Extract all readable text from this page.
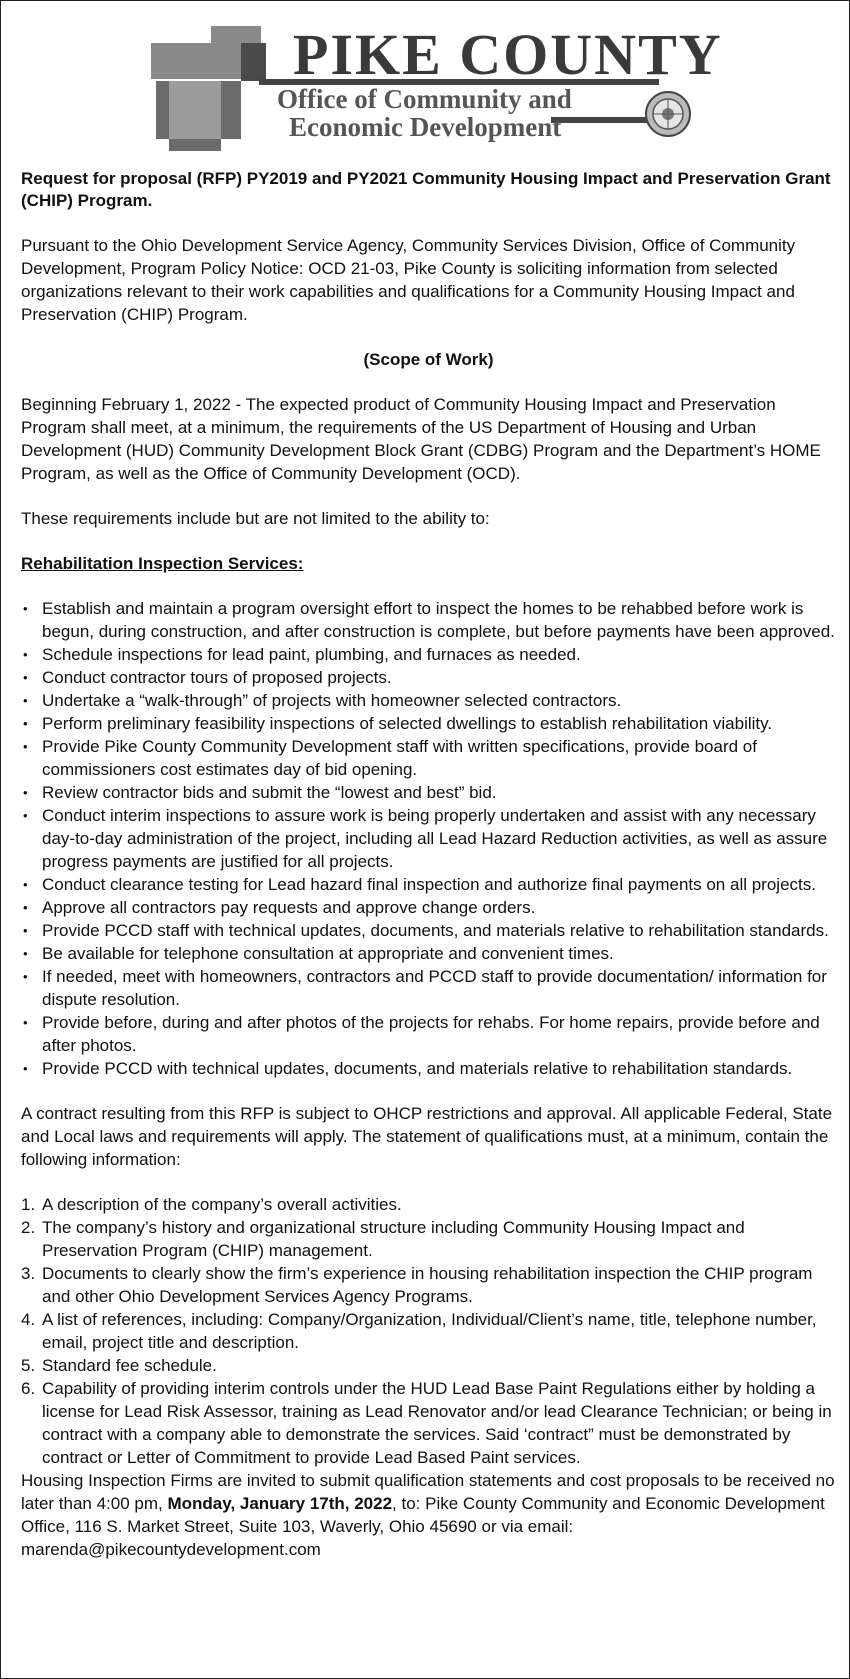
PIKE COUNTY
Office of Community and
Economic Development
Request for proposal (RFP) PY2019 and PY2021 Community Housing Impact and Preservation Grant (CHIP) Program.

Pursuant to the Ohio Development Service Agency, Community Services Division, Office of Community Development, Program Policy Notice: OCD 21-03, Pike County is soliciting information from selected organizations relevant to their work capabilities and qualifications for a Community Housing Impact and Preservation (CHIP) Program.

(Scope of Work)

Beginning February 1, 2022 - The expected product of Community Housing Impact and Preservation Program shall meet, at a minimum, the requirements of the US Department of Housing and Urban Development (HUD) Community Development Block Grant (CDBG) Program and the Department’s HOME Program, as well as the Office of Community Development (OCD).

These requirements include but are not limited to the ability to:

Rehabilitation Inspection Services:
• Establish and maintain a program oversight effort to inspect the homes to be rehabbed before work is begun, during construction, and after construction is complete, but before payments have been approved.
• Schedule inspections for lead paint, plumbing, and furnaces as needed.
• Conduct contractor tours of proposed projects.
• Undertake a “walk-through” of projects with homeowner selected contractors.
• Perform preliminary feasibility inspections of selected dwellings to establish rehabilitation viability.
• Provide Pike County Community Development staff with written specifications, provide board of commissioners cost estimates day of bid opening.
• Review contractor bids and submit the “lowest and best” bid.
• Conduct interim inspections to assure work is being properly undertaken and assist with any necessary day-to-day administration of the project, including all Lead Hazard Reduction activities, as well as assure progress payments are justified for all projects.
• Conduct clearance testing for Lead hazard final inspection and authorize final payments on all projects.
• Approve all contractors pay requests and approve change orders.
• Provide PCCD staff with technical updates, documents, and materials relative to rehabilitation standards.
• Be available for telephone consultation at appropriate and convenient times.
• If needed, meet with homeowners, contractors and PCCD staff to provide documentation/ information for dispute resolution.
• Provide before, during and after photos of the projects for rehabs. For home repairs, provide before and after photos.
• Provide PCCD with technical updates, documents, and materials relative to rehabilitation standards.

A contract resulting from this RFP is subject to OHCP restrictions and approval. All applicable Federal, State and Local laws and requirements will apply. The statement of qualifications must, at a minimum, contain the following information:

1. A description of the company’s overall activities.
2. The company’s history and organizational structure including Community Housing Impact and Preservation Program (CHIP) management.
3. Documents to clearly show the firm’s experience in housing rehabilitation inspection the CHIP program and other Ohio Development Services Agency Programs.
4. A list of references, including: Company/Organization, Individual/Client’s name, title, telephone number, email, project title and description.
5. Standard fee schedule.
6. Capability of providing interim controls under the HUD Lead Base Paint Regulations either by holding a license for Lead Risk Assessor, training as Lead Renovator and/or lead Clearance Technician; or being in contract with a company able to demonstrate the services. Said ‘contract” must be demonstrated by contract or Letter of Commitment to provide Lead Based Paint services.

Housing Inspection Firms are invited to submit qualification statements and cost proposals to be received no later than 4:00 pm, Monday, January 17th, 2022, to: Pike County Community and Economic Development Office, 116 S. Market Street, Suite 103, Waverly, Ohio 45690 or via email: marenda@pikecountydevelopment.com
